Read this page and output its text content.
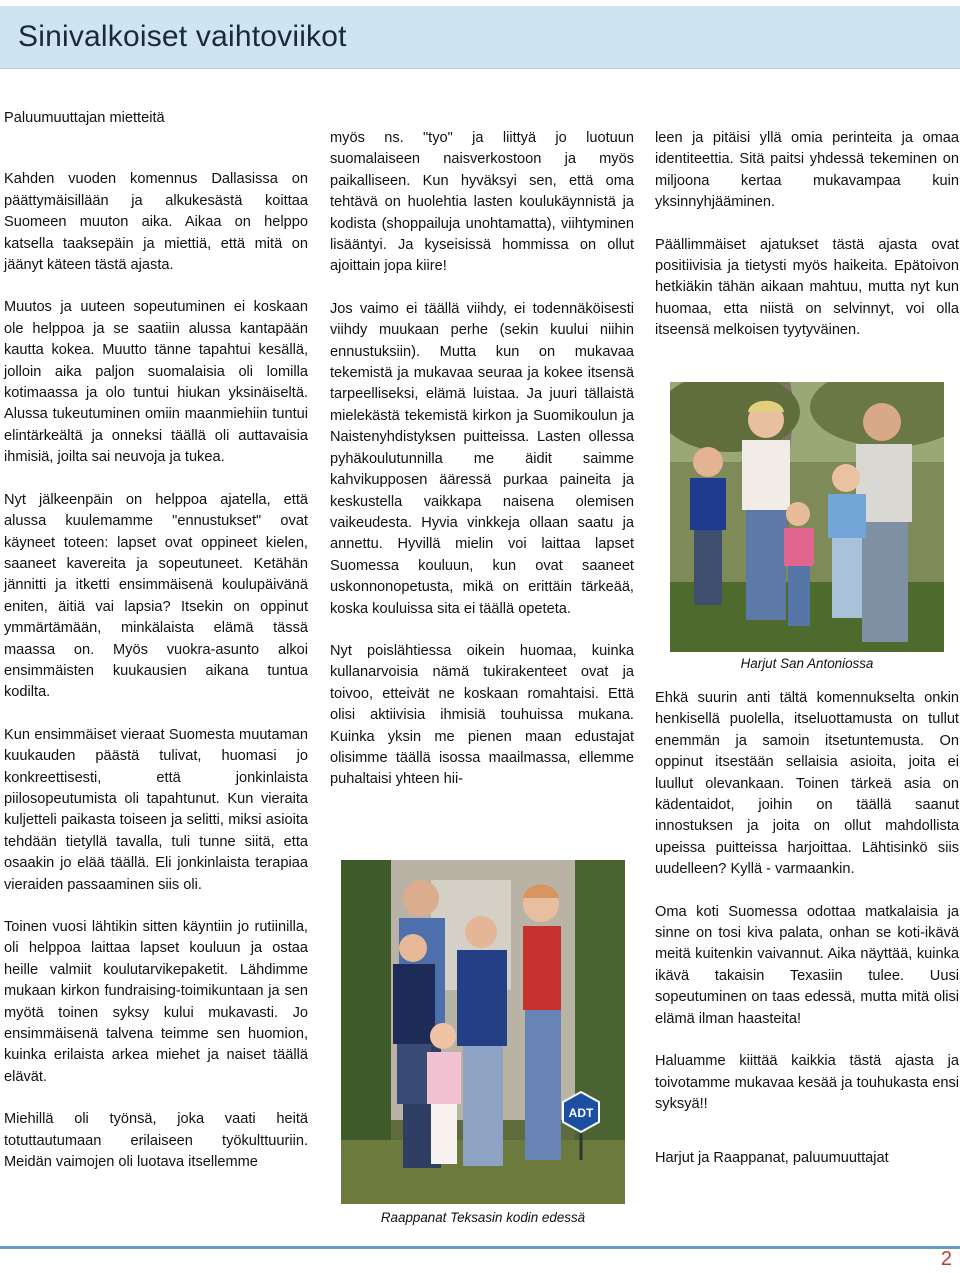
Sinivalkoiset vaihtoviikot

Paluumuuttajan mietteitä

Kahden vuoden komennus Dallasissa on päättymäisillään ja alkukesästä koittaa Suomeen muuton aika. Aikaa on helppo katsella taaksepäin ja miettiä, että mitä on jäänyt käteen tästä ajasta.

Muutos ja uuteen sopeutuminen ei koskaan ole helppoa ja se saatiin alussa kantapään kautta kokea. Muutto tänne tapahtui kesällä, jolloin aika paljon suomalaisia oli lomilla kotimaassa ja olo tuntui hiukan yksinäiseltä. Alussa tukeutuminen omiin maanmiehiin tuntui elintärkeältä ja onneksi täällä oli auttavaisia ihmisiä, joilta sai neuvoja ja tukea.

Nyt jälkeenpäin on helppoa ajatella, että alussa kuulemamme "ennustukset" ovat käyneet toteen: lapset ovat oppineet kielen, saaneet kavereita ja sopeutuneet. Ketähän jännitti ja itketti ensimmäisenä koulupäivänä eniten, äitiä vai lapsia? Itsekin on oppinut ymmärtämään, minkälaista elämä tässä maassa on. Myös vuokra-asunto alkoi ensimmäisten kuukausien aikana tuntua kodilta.

Kun ensimmäiset vieraat Suomesta muutaman kuukauden päästä tulivat, huomasi jo konkreettisesti, että jonkinlaista piilosopeutumista oli tapahtunut. Kun vieraita kuljetteli paikasta toiseen ja selitti, miksi asioita tehdään tietyllä tavalla, tuli tunne siitä, etta osaakin jo elää täällä. Eli jonkinlaista terapiaa vieraiden passaaminen siis oli.

Toinen vuosi lähtikin sitten käyntiin jo rutiinilla, oli helppoa laittaa lapset kouluun ja ostaa heille valmiit koulutarvikepaketit. Lähdimme mukaan kirkon fundraising-toimikuntaan ja sen myötä toinen syksy kului mukavasti. Jo ensimmäisenä talvena teimme sen huomion, kuinka erilaista arkea miehet ja naiset täällä elävät.

Miehillä oli työnsä, joka vaati heitä totuttautumaan erilaiseen työkulttuuriin. Meidän vaimojen oli luotava itsellemme

myös ns. "tyo" ja liittyä jo luotuun suomalaiseen naisverkostoon ja myös paikalliseen. Kun hyväksyi sen, että oma tehtävä on huolehtia lasten koulukäynnistä ja kodista (shoppailuja unohtamatta), viihtyminen lisääntyi. Ja kyseisissä hommissa on ollut ajoittain jopa kiire!

Jos vaimo ei täällä viihdy, ei todennäköisesti viihdy muukaan perhe (sekin kuului niihin ennustuksiin). Mutta kun on mukavaa tekemistä ja mukavaa seuraa ja kokee itsensä tarpeelliseksi, elämä luistaa. Ja juuri tällaistä mielekästä tekemistä kirkon ja Suomikoulun ja Naistenyhdistyksen puitteissa. Lasten ollessa pyhäkoulutunnilla me äidit saimme kahvikupposen ääressä purkaa paineita ja keskustella vaikkapa naisena olemisen vaikeudesta. Hyvia vinkkeja ollaan saatu ja annettu. Hyvillä mielin voi laittaa lapset Suomessa kouluun, kun ovat saaneet uskonnonopetusta, mikä on erittäin tärkeää, koska kouluissa sita ei täällä opeteta.

Nyt poislähtiessa oikein huomaa, kuinka kullanarvoisia nämä tukirakenteet ovat ja toivoo, etteivät ne koskaan romahtaisi. Että olisi aktiivisia ihmisiä touhuissa mukana. Kuinka yksin me pienen maan edustajat olisimme täällä isossa maailmassa, ellemme puhaltaisi yhteen hii-

leen ja pitäisi yllä omia perinteita ja omaa identiteettia. Sitä paitsi yhdessä tekeminen on miljoona kertaa mukavampaa kuin yksinnyhjääminen.

Päällimmäiset ajatukset tästä ajasta ovat positiivisia ja tietysti myös haikeita. Epätoivon hetkiäkin tähän aikaan mahtuu, mutta nyt kun huomaa, etta niistä on selvinnyt, voi olla itseensä melkoisen tyytyväinen.

Harjut San Antoniossa

Ehkä suurin anti tältä komennukselta onkin henkisellä puolella, itseluottamusta on tullut enemmän ja samoin itsetuntemusta. On oppinut itsestään sellaisia asioita, joita ei luullut olevankaan. Toinen tärkeä asia on kädentaidot, joihin on täällä saanut innostuksen ja joita on ollut mahdollista upeissa puitteissa harjoittaa. Lähtisinkö siis uudelleen? Kyllä - varmaankin.

Oma koti Suomessa odottaa matkalaisia ja sinne on tosi kiva palata, onhan se koti-ikävä meitä kuitenkin vaivannut. Aika näyttää, kuinka ikävä takaisin Texasiin tulee. Uusi sopeutuminen on taas edessä, mutta mitä olisi elämä ilman haasteita!

Haluamme kiittää kaikkia tästä ajasta ja toivotamme mukavaa kesää ja touhukasta ensi syksyä!!

Harjut ja Raappanat, paluumuuttajat

ADT
Raappanat Teksasin kodin edessä
2
